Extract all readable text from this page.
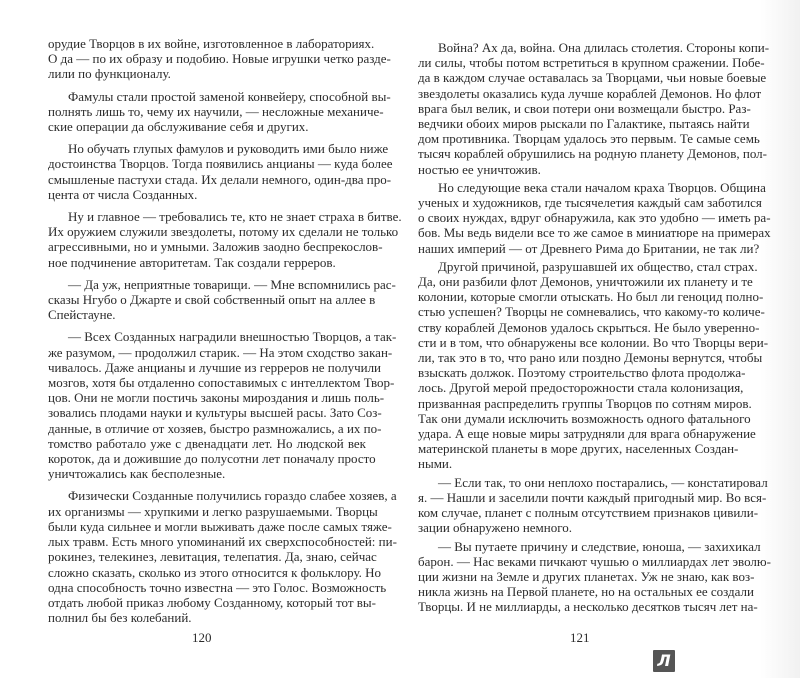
орудие Творцов в их войне, изготовленное в лабораториях.
О да — по их образу и подобию. Новые игрушки четко разде-
лили по функционалу.
Фамулы стали простой заменой конвейеру, способной вы-
полнять лишь то, чему их научили, — несложные механиче-
ские операции да обслуживание себя и других.
Но обучать глупых фамулов и руководить ими было ниже
достоинства Творцов. Тогда появились анцианы — куда более
смышленые пастухи стада. Их делали немного, один-два про-
цента от числа Созданных.
Ну и главное — требовались те, кто не знает страха в битве.
Их оружием служили звездолеты, потому их сделали не только
агрессивными, но и умными. Заложив заодно беспрекослов-
ное подчинение авторитетам. Так создали герреров.
— Да уж, неприятные товарищи. — Мне вспомнились рас-
сказы Нгубо о Джарте и свой собственный опыт на аллее в
Спейстауне.
— Всех Созданных наградили внешностью Творцов, а так-
же разумом, — продолжил старик. — На этом сходство закан-
чивалось. Даже анцианы и лучшие из герреров не получили
мозгов, хотя бы отдаленно сопоставимых с интеллектом Твор-
цов. Они не могли постичь законы мироздания и лишь поль-
зовались плодами науки и культуры высшей расы. Зато Соз-
данные, в отличие от хозяев, быстро размножались, а их по-
томство работало уже с двенадцати лет. Но людской век
короток, да и дожившие до полусотни лет поначалу просто
уничтожались как бесполезные.
Физически Созданные получились гораздо слабее хозяев, а
их организмы — хрупкими и легко разрушаемыми. Творцы
были куда сильнее и могли выживать даже после самых тяже-
лых травм. Есть много упоминаний их сверхспособностей: пи-
рокинез, телекинез, левитация, телепатия. Да, знаю, сейчас
сложно сказать, сколько из этого относится к фольклору. Но
одна способность точно известна — это Голос. Возможность
отдать любой приказ любому Созданному, который тот вы-
полнил бы без колебаний.
120
Война? Ах да, война. Она длилась столетия. Стороны копи-
ли силы, чтобы потом встретиться в крупном сражении. Побе-
да в каждом случае оставалась за Творцами, чьи новые боевые
звездолеты оказались куда лучше кораблей Демонов. Но флот
врага был велик, и свои потери они возмещали быстро. Раз-
ведчики обоих миров рыскали по Галактике, пытаясь найти
дом противника. Творцам удалось это первым. Те самые семь
тысяч кораблей обрушились на родную планету Демонов, пол-
ностью ее уничтожив.
Но следующие века стали началом краха Творцов. Община
ученых и художников, где тысячелетия каждый сам заботился
о своих нуждах, вдруг обнаружила, как это удобно — иметь ра-
бов. Мы ведь видели все то же самое в миниатюре на примерах
наших империй — от Древнего Рима до Британии, не так ли?
Другой причиной, разрушавшей их общество, стал страх.
Да, они разбили флот Демонов, уничтожили их планету и те
колонии, которые смогли отыскать. Но был ли геноцид полно-
стью успешен? Творцы не сомневались, что какому-то количе-
ству кораблей Демонов удалось скрыться. Не было уверенно-
сти и в том, что обнаружены все колонии. Во что Творцы вери-
ли, так это в то, что рано или поздно Демоны вернутся, чтобы
взыскать должок. Поэтому строительство флота продолжа-
лось. Другой мерой предосторожности стала колонизация,
призванная распределить группы Творцов по сотням миров.
Так они думали исключить возможность одного фатального
удара. А еще новые миры затрудняли для врага обнаружение
материнской планеты в море других, населенных Создан-
ными.
— Если так, то они неплохо постарались, — констатировал
я. — Нашли и заселили почти каждый пригодный мир. Во вся-
ком случае, планет с полным отсутствием признаков цивили-
зации обнаружено немного.
— Вы путаете причину и следствие, юноша, — захихикал
барон. — Нас веками пичкают чушью о миллиардах лет эволю-
ции жизни на Земле и других планетах. Уж не знаю, как воз-
никла жизнь на Первой планете, но на остальных ее создали
Творцы. И не миллиарды, а несколько десятков тысяч лет на-
121
Л
